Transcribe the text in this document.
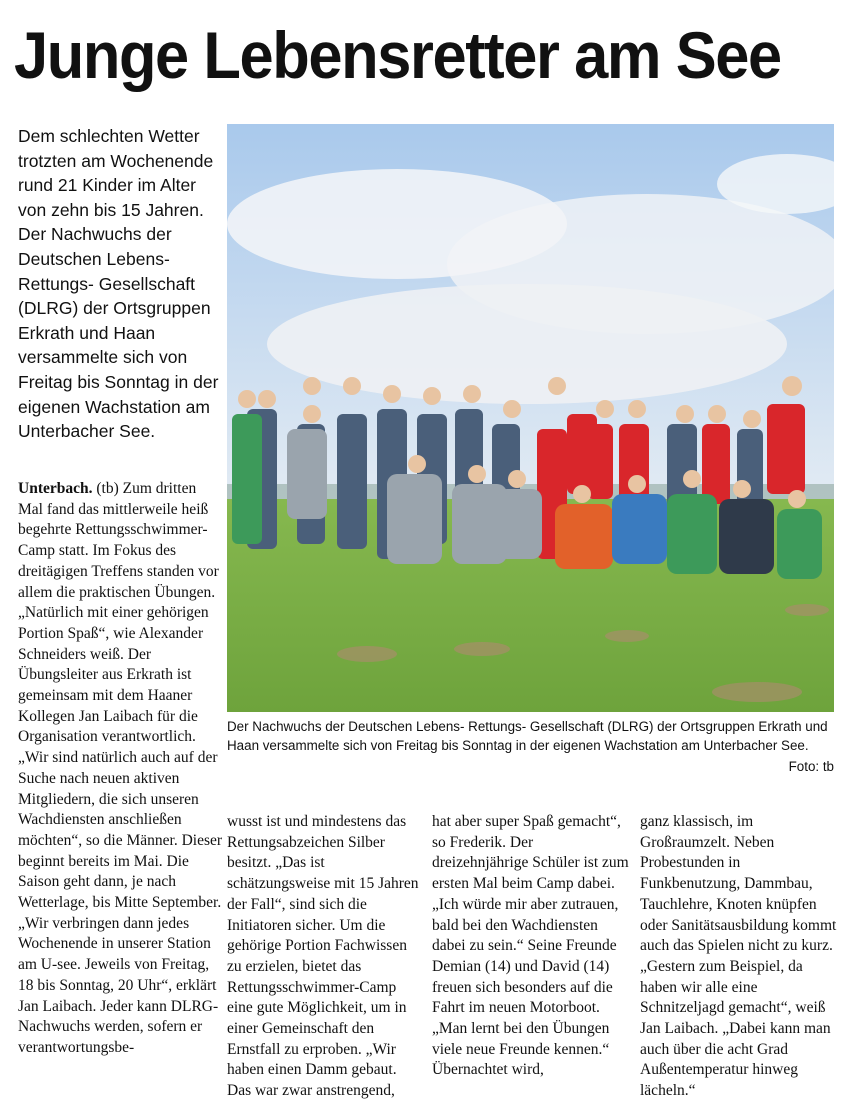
Junge Lebensretter am See

Dem schlechten Wetter trotzten am Wochenende rund 21 Kinder im Alter von zehn bis 15 Jahren. Der Nachwuchs der Deutschen Lebens- Rettungs- Gesellschaft (DLRG) der Ortsgruppen Erkrath und Haan versammelte sich von Freitag bis Sonntag in der eigenen Wachstation am Unterbacher See.

Der Nachwuchs der Deutschen Lebens- Rettungs- Gesellschaft (DLRG) der Ortsgruppen Erkrath und Haan versammelte sich von Freitag bis Sonntag in der eigenen Wachstation am Unterbacher See.
Foto: tb

Unterbach. (tb) Zum dritten Mal fand das mittlerweile heiß begehrte Rettungsschwimmer- Camp statt. Im Fokus des dreitägigen Treffens standen vor allem die praktischen Übungen. „Natürlich mit einer gehörigen Portion Spaß“, wie Alexander Schneiders weiß. Der Übungsleiter aus Erkrath ist gemeinsam mit dem Haaner Kollegen Jan Laibach für die Organisation verantwortlich. „Wir sind natürlich auch auf der Suche nach neuen aktiven Mitgliedern, die sich unseren Wachdiensten anschließen möchten“, so die Männer. Dieser beginnt bereits im Mai. Die Saison geht dann, je nach Wetterlage, bis Mitte September. „Wir verbringen dann jedes Wochenende in unserer Station am U-see. Jeweils von Freitag, 18 bis Sonntag, 20 Uhr“, erklärt Jan Laibach. Jeder kann DLRG-Nachwuchs werden, sofern er verantwortungsbe-

wusst ist und mindestens das Rettungsabzeichen Silber besitzt. „Das ist schätzungsweise mit 15 Jahren der Fall“, sind sich die Initiatoren sicher. Um die gehörige Portion Fachwissen zu erzielen, bietet das Rettungsschwimmer-Camp eine gute Möglichkeit, um in einer Gemeinschaft den Ernstfall zu erproben. „Wir haben einen Damm gebaut. Das war zwar anstrengend,

hat aber super Spaß gemacht“, so Frederik. Der dreizehnjährige Schüler ist zum ersten Mal beim Camp dabei. „Ich würde mir aber zutrauen, bald bei den Wachdiensten dabei zu sein.“ Seine Freunde Demian (14) und David (14) freuen sich besonders auf die Fahrt im neuen Motorboot. „Man lernt bei den Übungen viele neue Freunde kennen.“ Übernachtet wird,

ganz klassisch, im Großraumzelt. Neben Probestunden in Funkbenutzung, Dammbau, Tauchlehre, Knoten knüpfen oder Sanitätsausbildung kommt auch das Spielen nicht zu kurz. „Gestern zum Beispiel, da haben wir alle eine Schnitzeljagd gemacht“, weiß Jan Laibach. „Dabei kann man auch über die acht Grad Außentemperatur hinweg lächeln.“
